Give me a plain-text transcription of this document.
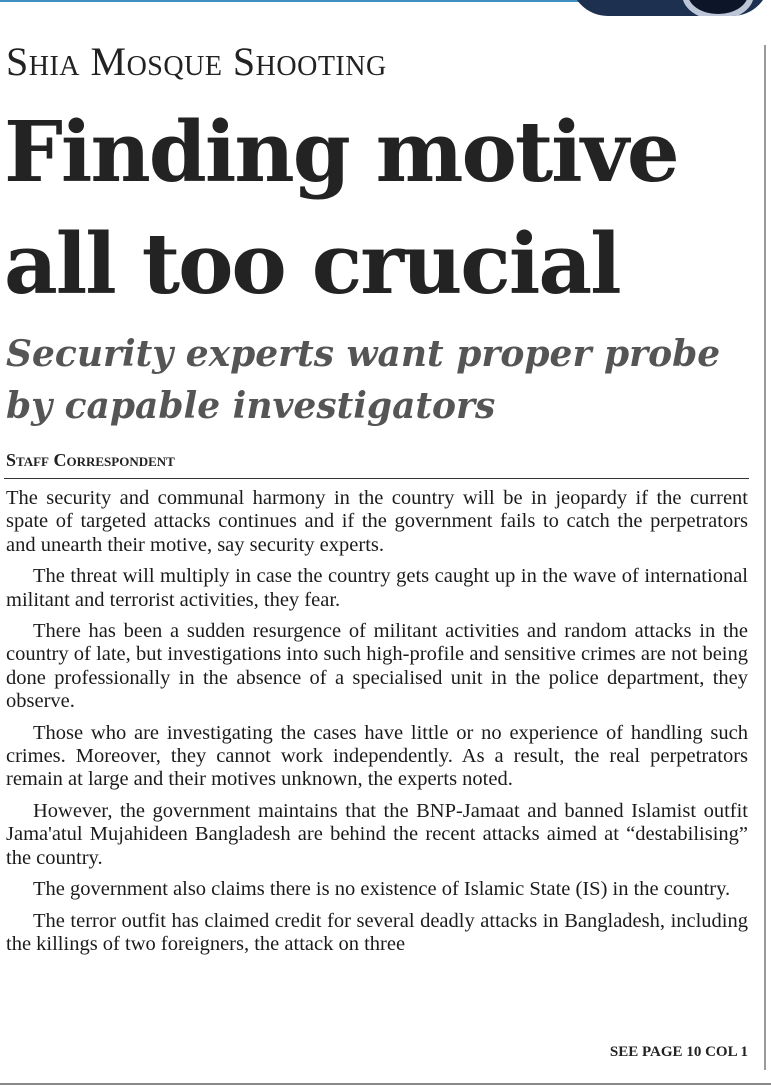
Shia Mosque Shooting
Finding motive all too crucial
Security experts want proper probe by capable investigators
Staff Correspondent

The security and communal harmony in the country will be in jeopardy if the current spate of targeted attacks continues and if the government fails to catch the perpetrators and unearth their motive, say security experts.

The threat will multiply in case the country gets caught up in the wave of international militant and terrorist activities, they fear.

There has been a sudden resurgence of militant activities and random attacks in the country of late, but investigations into such high-profile and sensitive crimes are not being done professionally in the absence of a specialised unit in the police department, they observe.

Those who are investigating the cases have little or no experience of handling such crimes. Moreover, they cannot work independently. As a result, the real perpetrators remain at large and their motives unknown, the experts noted.

However, the government maintains that the BNP-Jamaat and banned Islamist outfit Jama'atul Mujahideen Bangladesh are behind the recent attacks aimed at “destabilising” the country.

The government also claims there is no existence of Islamic State (IS) in the country.

The terror outfit has claimed credit for several deadly attacks in Bangladesh, including the killings of two foreigners, the attack on three

SEE PAGE 10 COL 1
